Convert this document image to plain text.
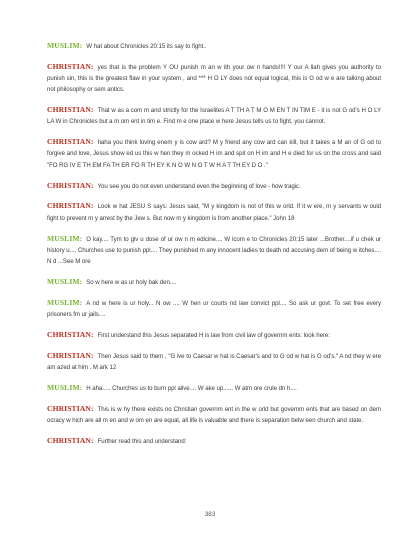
MUSLIM: W hat about Chronicles 20:15 its say to fight..

CHRISTIAN: yes that is the problem Y OU punish m an w ith your ow n hands!!!! Y our A llah gives you authority to punish sin, this is the greatest flaw in your system , and *** H O LY does not equal logical, this is G od w e are talking about not philosophy or sem antics.

CHRISTIAN: That w as a com m and strictly for the Israelites A T TH A T M O M EN T IN TIM E - it is not G od's H O LY LA W in Chronicles but a m om ent in tim e. Find m e one place w here Jesus tells us to fight, you cannot.

CHRISTIAN: haha you think loving enem y is cow ard? M y friend any cow ard can kill, but it takes a M an of G od to forgive and love, Jesus show ed us this w hen they m ocked H im and spit on H im and H e died for us on the cross and said "FO RG IV E TH EM FA TH ER FO R TH EY K N O W N O T W H A T TH EY D O ."

CHRISTIAN: You see you do not even understand even the beginning of love - how tragic.

CHRISTIAN: Look w hat JESU S says: Jesus said, "M y kingdom is not of this w orld. If it w ere, m y servants w ould fight to prevent m y arrest by the Jew s. But now m y kingdom is from another place." John 18

MUSLIM: O kay.... Tym to giv u dose of ur ow n m edicine.... W lcom e to Chronicles 20:15 later ...Brother....if u chek ur history u.... Churches use to punish ppl.... They punished m any innocent ladies to death nd accusing dem of being w itches.... N d ...See M ore

MUSLIM: So w here w as ur holy bak den....

MUSLIM: A nd w here is ur holy... N ow .... W hen ur courts nd law convict ppl.... So ask ur govt. To set free every prisoners fm ur jails....

CHRISTIAN: First understand this Jesus separated H is law from civil law of governm ents: look here:

CHRISTIAN: Then Jesus said to them , "G ive to Caesar w hat is Caesar's and to G od w hat is G od's." A nd they w ere am azed at him . M ark 12

MUSLIM: H aha..... Churches us to burn ppl alive.... W ake up...... W atm ore crule dn h....

CHRISTIAN: This is w hy there exists no Christian governm ent in the w orld but governm ents that are based on dem ocracy w hich are all m en and w om en are equal, all life is valuable and there is separation betw een church and state.

CHRISTIAN: Further read this and understand:

383
